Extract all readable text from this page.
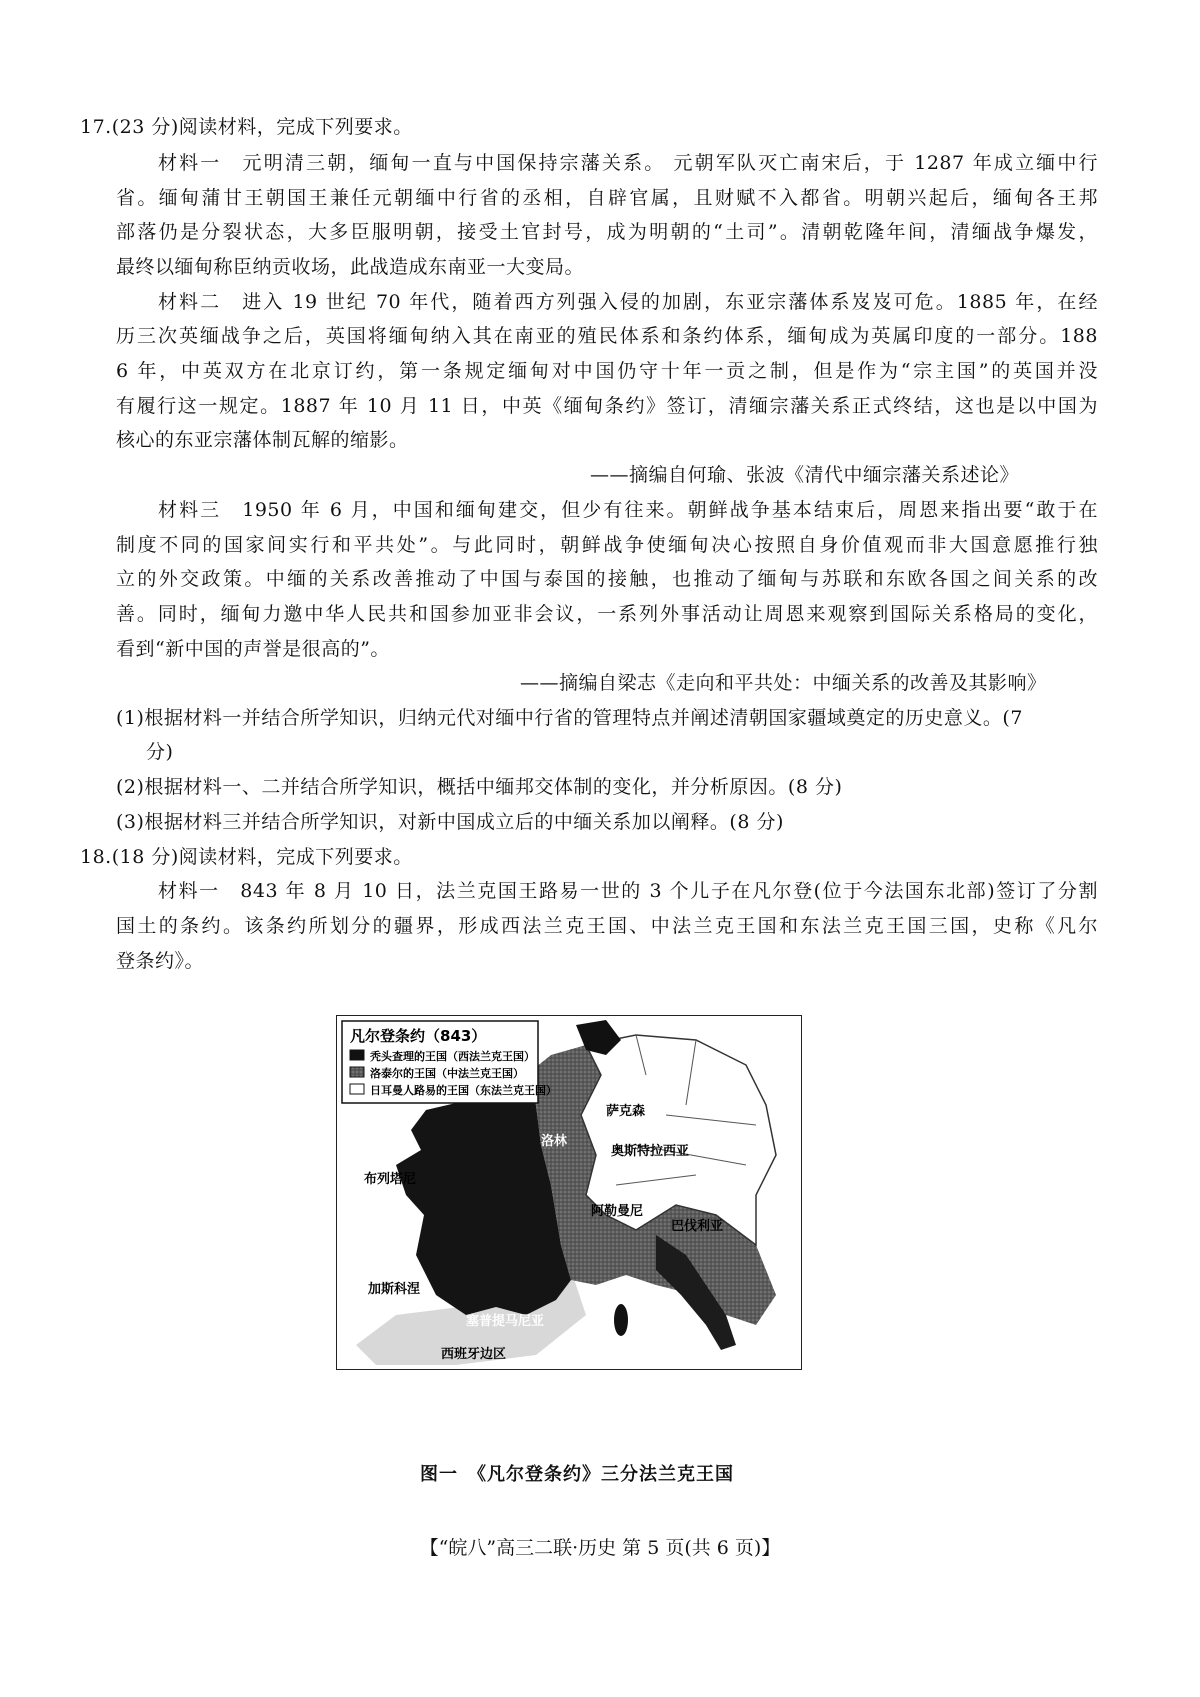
17.(23 分)阅读材料，完成下列要求。
材料一　元明清三朝，缅甸一直与中国保持宗藩关系。 元朝军队灭亡南宋后，于 1287 年成立缅中行
省。缅甸蒲甘王朝国王兼任元朝缅中行省的丞相，自辟官属，且财赋不入都省。明朝兴起后，缅甸各王邦
部落仍是分裂状态，大多臣服明朝，接受土官封号，成为明朝的“土司”。清朝乾隆年间，清缅战争爆发，
最终以缅甸称臣纳贡收场，此战造成东南亚一大变局。
材料二　进入 19 世纪 70 年代，随着西方列强入侵的加剧，东亚宗藩体系岌岌可危。1885 年，在经
历三次英缅战争之后，英国将缅甸纳入其在南亚的殖民体系和条约体系，缅甸成为英属印度的一部分。188
6 年，中英双方在北京订约，第一条规定缅甸对中国仍守十年一贡之制，但是作为“宗主国”的英国并没
有履行这一规定。1887 年 10 月 11 日，中英《缅甸条约》签订，清缅宗藩关系正式终结，这也是以中国为
核心的东亚宗藩体制瓦解的缩影。
——摘编自何瑜、张波《清代中缅宗藩关系述论》
材料三　1950 年 6 月，中国和缅甸建交，但少有往来。朝鲜战争基本结束后，周恩来指出要“敢于在
制度不同的国家间实行和平共处”。与此同时，朝鲜战争使缅甸决心按照自身价值观而非大国意愿推行独
立的外交政策。中缅的关系改善推动了中国与泰国的接触，也推动了缅甸与苏联和东欧各国之间关系的改
善。同时，缅甸力邀中华人民共和国参加亚非会议，一系列外事活动让周恩来观察到国际关系格局的变化，
看到“新中国的声誉是很高的”。
——摘编自梁志《走向和平共处：中缅关系的改善及其影响》
(1)根据材料一并结合所学知识，归纳元代对缅中行省的管理特点并阐述清朝国家疆域奠定的历史意义。(7
分)
(2)根据材料一、二并结合所学知识，概括中缅邦交体制的变化，并分析原因。(8 分)
(3)根据材料三并结合所学知识，对新中国成立后的中缅关系加以阐释。(8 分)
18.(18 分)阅读材料，完成下列要求。
材料一　843 年 8 月 10 日，法兰克国王路易一世的 3 个儿子在凡尔登(位于今法国东北部)签订了分割
国土的条约。该条约所划分的疆界，形成西法兰克王国、中法兰克王国和东法兰克王国三国，史称《凡尔
登条约》。
凡尔登条约（843）
秃头查理的王国（西法兰克王国）
洛泰尔的王国（中法兰克王国）
日耳曼人路易的王国（东法兰克王国）
萨克森
洛林
奥斯特拉西亚
布列塔尼
阿勒曼尼
巴伐利亚
加斯科涅
塞普提马尼亚
西班牙边区
图一　《凡尔登条约》三分法兰克王国
【“皖八”高三二联·历史 第 5 页(共 6 页)】
